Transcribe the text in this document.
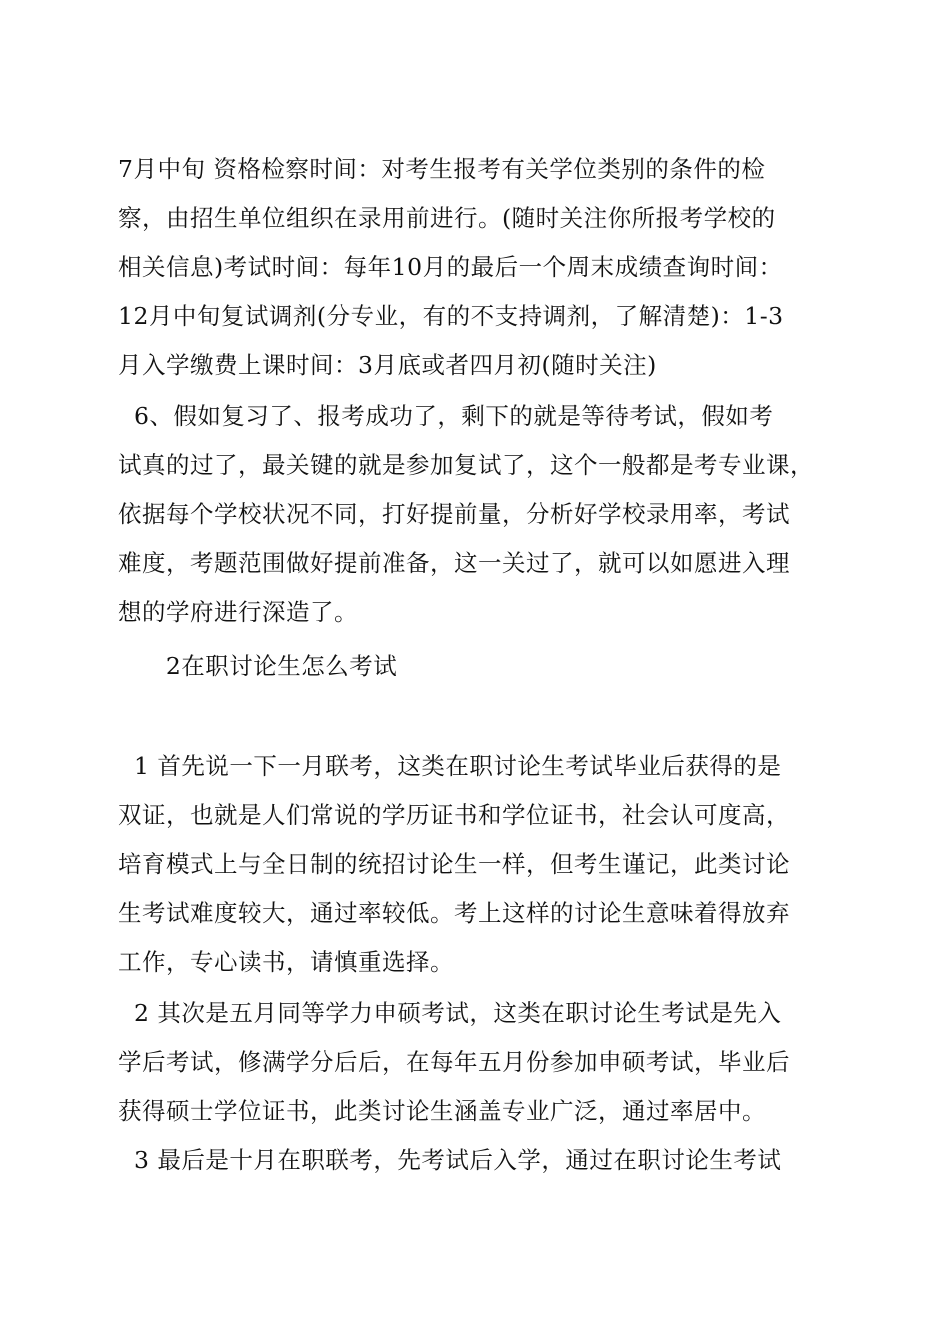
7月中旬 资格检察时间：对考生报考有关学位类别的条件的检
察，由招生单位组织在录用前进行。(随时关注你所报考学校的
相关信息)考试时间：每年10月的最后一个周末成绩查询时间：
12月中旬复试调剂(分专业，有的不支持调剂，了解清楚)：1-3
月入学缴费上课时间：3月底或者四月初(随时关注)
6、假如复习了、报考成功了，剩下的就是等待考试，假如考
试真的过了，最关键的就是参加复试了，这个一般都是考专业课，
依据每个学校状况不同，打好提前量，分析好学校录用率，考试
难度，考题范围做好提前准备，这一关过了，就可以如愿进入理
想的学府进行深造了。
2在职讨论生怎么考试
1 首先说一下一月联考，这类在职讨论生考试毕业后获得的是
双证，也就是人们常说的学历证书和学位证书，社会认可度高，
培育模式上与全日制的统招讨论生一样，但考生谨记，此类讨论
生考试难度较大，通过率较低。考上这样的讨论生意味着得放弃
工作，专心读书，请慎重选择。
2 其次是五月同等学力申硕考试，这类在职讨论生考试是先入
学后考试，修满学分后后，在每年五月份参加申硕考试，毕业后
获得硕士学位证书，此类讨论生涵盖专业广泛，通过率居中。
3 最后是十月在职联考，先考试后入学，通过在职讨论生考试
